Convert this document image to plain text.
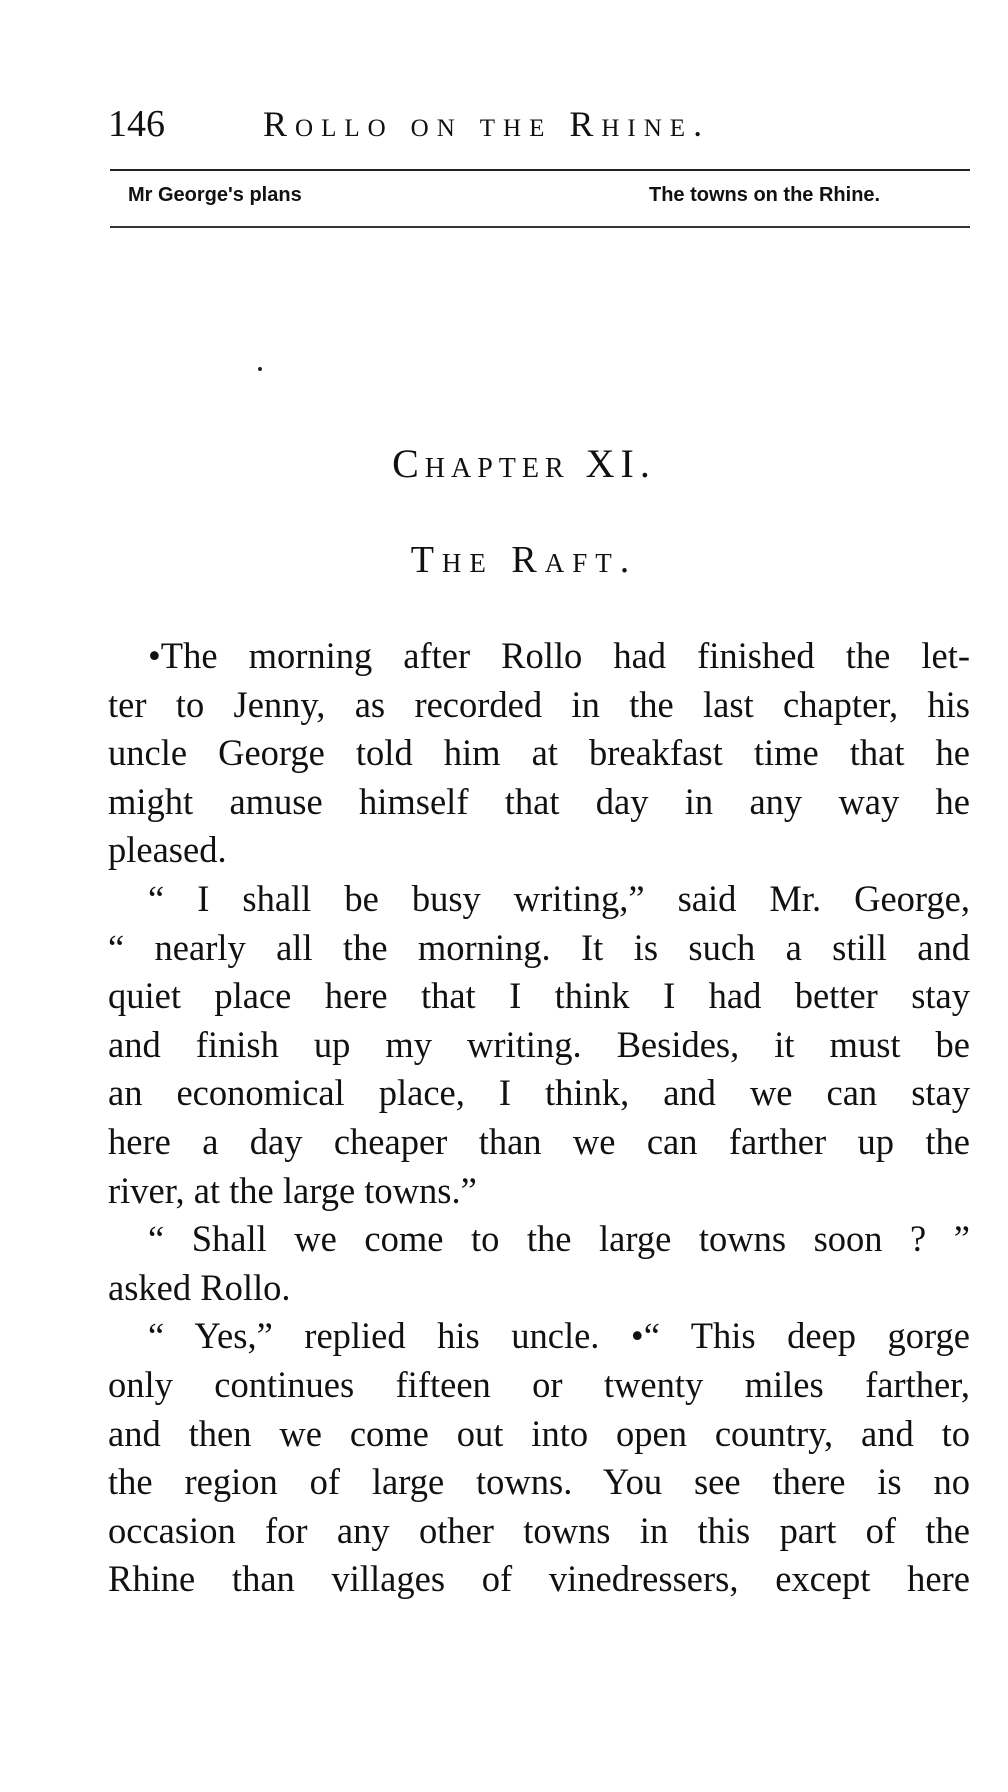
146	Rollo on the Rhine.
Mr George's plans	The towns on the Rhine.
Chapter XI.
The Raft.
•The morning after Rollo had finished the let-
ter to Jenny, as recorded in the last chapter, his
uncle George told him at breakfast time that he
might amuse himself that day in any way he
pleased.
“ I shall be busy writing,” said Mr. George,
“ nearly all the morning. It is such a still and
quiet place here that I think I had better stay
and finish up my writing. Besides, it must be
an economical place, I think, and we can stay
here a day cheaper than we can farther up the
river, at the large towns.”
“ Shall we come to the large towns soon ? ”
asked Rollo.
“ Yes,” replied his uncle. •“ This deep gorge
only continues fifteen or twenty miles farther,
and then we come out into open country, and to
the region of large towns. You see there is no
occasion for any other towns in this part of the
Rhine than villages of vinedressers, except here
